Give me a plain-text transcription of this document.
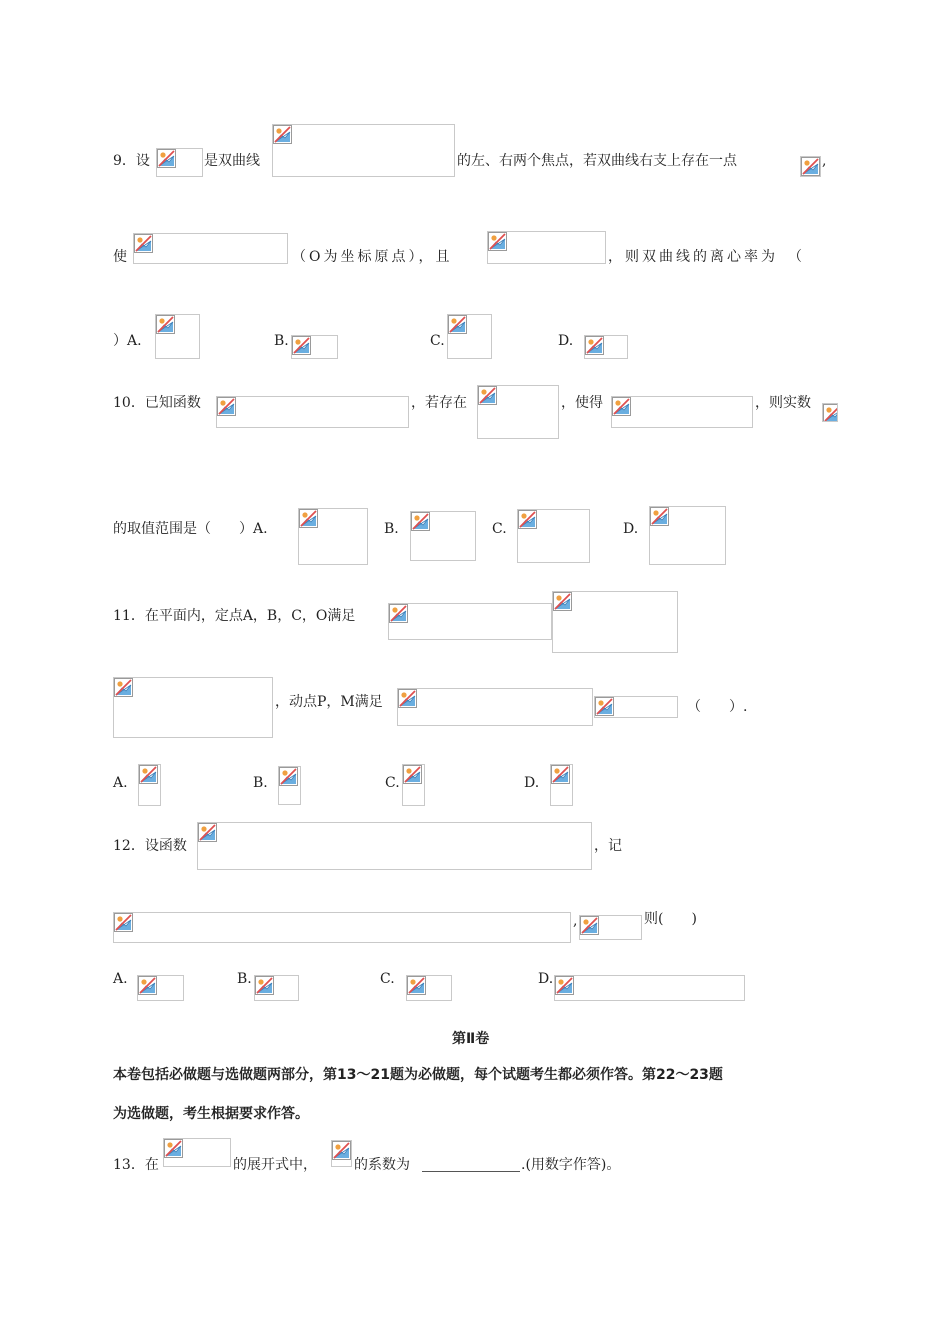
9．设	是双曲线	的左、右两个焦点，若双曲线右支上存在一点	,
使	（O为坐标原点），且	，则双曲线的离心率为　（
）A.	B.	C.	D.
10．已知函数	，若存在	，使得	，则实数
的取值范围是（　　）A.	B.	C.	D.
11．在平面内，定点A，B，C，O满足
，动点P，M满足	（　　）.
A.	B.	C.	D.
12．设函数	，记
,	则(　　)
A.	B.	C.	D.
第Ⅱ卷
本卷包括必做题与选做题两部分，第13～21题为必做题，每个试题考生都必须作答。第22～23题
为选做题，考生根据要求作答。
13．在	的展开式中，	的系数为	.(用数字作答)。
